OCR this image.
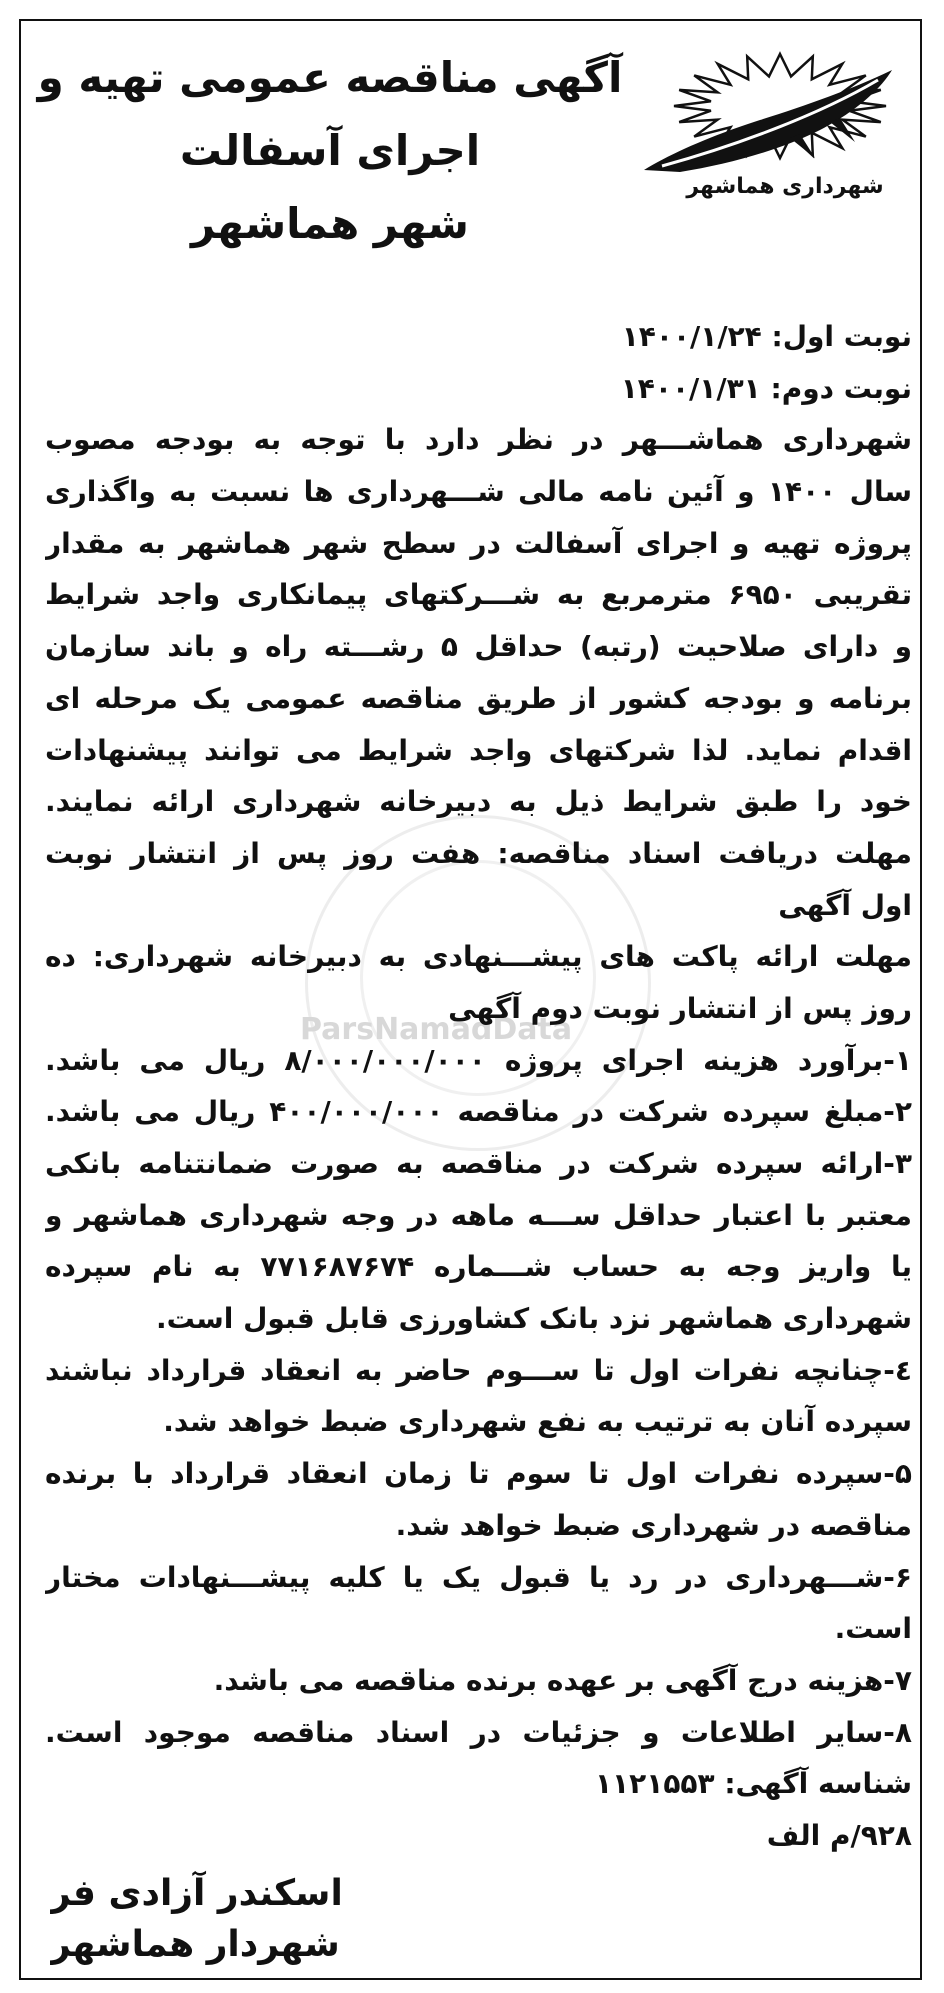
ParsNamadData
آگهی مناقصه عمومی تهیه و
اجرای آسفالت
شهر هماشهر
شهرداری هماشهر
نوبت اول: ۱۴۰۰/۱/۲۴
نوبت دوم: ۱۴۰۰/۱/۳۱
شهرداری هماشـــهر در نظر دارد با توجه به بودجه مصوب
سال ۱۴۰۰ و آئین نامه مالی شـــهرداری ها نسبت به واگذاری
پروژه تهیه و اجرای آسفالت در سطح شهر هماشهر به مقدار
تقریبی ۶۹۵۰ مترمربع به شـــرکتهای پیمانکاری واجد شرایط
و دارای صلاحیت (رتبه) حداقل ۵ رشـــته راه و باند سازمان
برنامه و بودجه کشور از طریق مناقصه عمومی یک مرحله ای
اقدام نماید. لذا شرکتهای واجد شرایط می توانند پیشنهادات
خود را طبق شرایط ذیل به دبیرخانه شهرداری ارائه نمایند.
مهلت دریافت اسناد مناقصه: هفت روز پس از انتشار نوبت
اول آگهی
مهلت ارائه پاکت های پیشـــنهادی به دبیرخانه شهرداری: ده
روز پس از انتشار نوبت دوم آگهی
۱-برآورد هزینه اجرای پروژه ۸/۰۰۰/۰۰۰/۰۰۰ ریال می باشد.
۲-مبلغ سپرده شرکت در مناقصه ۴۰۰/۰۰۰/۰۰۰ ریال می باشد.
۳-ارائه سپرده شرکت در مناقصه به صورت ضمانتنامه بانکی
معتبر با اعتبار حداقل ســـه ماهه در وجه شهرداری هماشهر و
یا واریز وجه به حساب شـــماره ۷۷۱۶۸۷۶۷۴ به نام سپرده
شهرداری هماشهر نزد بانک کشاورزی قابل قبول است.
٤-چنانچه نفرات اول تا ســـوم حاضر به انعقاد قرارداد نباشند
سپرده آنان به ترتیب به نفع شهرداری ضبط خواهد شد.
۵-سپرده نفرات اول تا سوم تا زمان انعقاد قرارداد با برنده
مناقصه در شهرداری ضبط خواهد شد.
۶-شـــهرداری در رد یا قبول یک یا کلیه پیشـــنهادات مختار
است.
۷-هزینه درج آگهی بر عهده برنده مناقصه می باشد.
۸-سایر اطلاعات و جزئیات در اسناد مناقصه موجود است.
شناسه آگهی: ۱۱۲۱۵۵۳
۹۲۸/م الف
اسکندر آزادی فر
شهردار هماشهر
